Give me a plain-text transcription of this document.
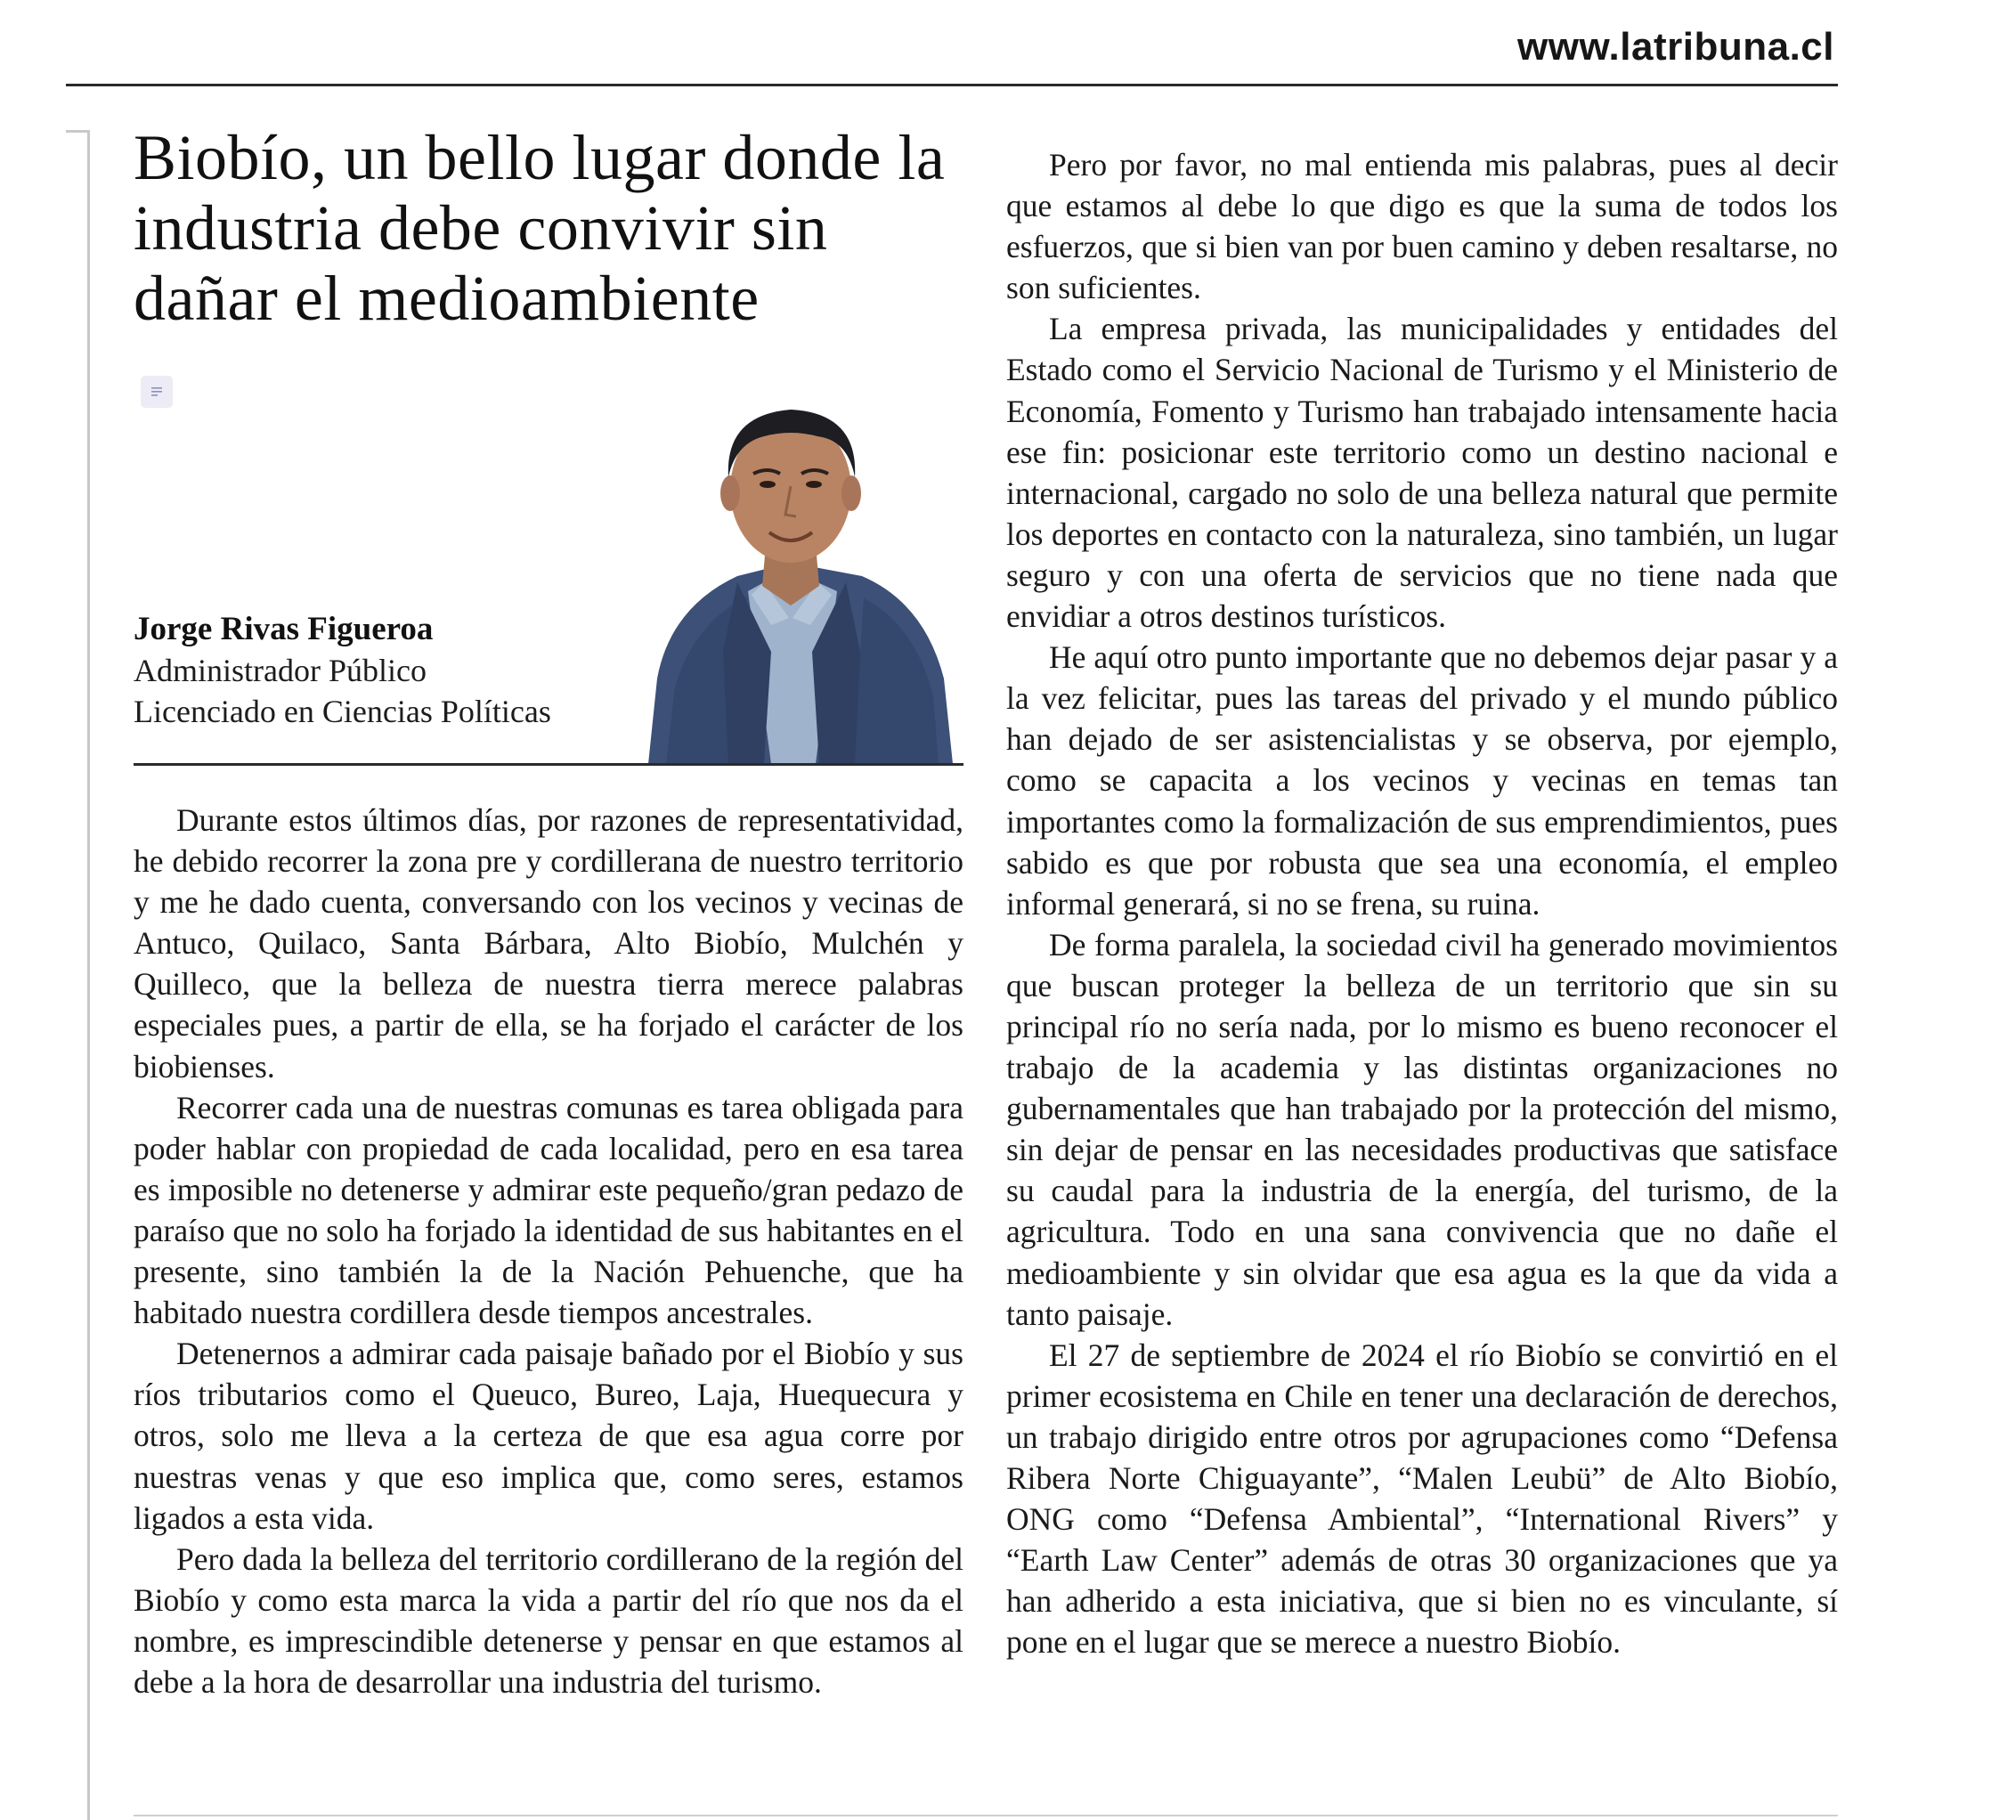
www.latribuna.cl
Biobío, un bello lugar donde la industria debe convivir sin dañar el medioambiente
Jorge Rivas Figueroa
Administrador Público
Licenciado en Ciencias Políticas

Durante estos últimos días, por razones de representatividad, he debido recorrer la zona pre y cordillerana de nuestro territorio y me he dado cuenta, conversando con los vecinos y vecinas de Antuco, Quilaco, Santa Bárbara, Alto Biobío, Mulchén y Quilleco, que la belleza de nuestra tierra merece palabras especiales pues, a partir de ella, se ha forjado el carácter de los biobienses.

Recorrer cada una de nuestras comunas es tarea obligada para poder hablar con propiedad de cada localidad, pero en esa tarea es imposible no detenerse y admirar este pequeño/gran pedazo de paraíso que no solo ha forjado la identidad de sus habitantes en el presente, sino también la de la Nación Pehuenche, que ha habitado nuestra cordillera desde tiempos ancestrales.

Detenernos a admirar cada paisaje bañado por el Biobío y sus ríos tributarios como el Queuco, Bureo, Laja, Huequecura y otros, solo me lleva a la certeza de que esa agua corre por nuestras venas y que eso implica que, como seres, estamos ligados a esta vida.

Pero dada la belleza del territorio cordillerano de la región del Biobío y como esta marca la vida a partir del río que nos da el nombre, es imprescindible detenerse y pensar en que estamos al debe a la hora de desarrollar una industria del turismo.

Pero por favor, no mal entienda mis palabras, pues al decir que estamos al debe lo que digo es que la suma de todos los esfuerzos, que si bien van por buen camino y deben resaltarse, no son suficientes.

La empresa privada, las municipalidades y entidades del Estado como el Servicio Nacional de Turismo y el Ministerio de Economía, Fomento y Turismo han trabajado intensamente hacia ese fin: posicionar este territorio como un destino nacional e internacional, cargado no solo de una belleza natural que permite los deportes en contacto con la naturaleza, sino también, un lugar seguro y con una oferta de servicios que no tiene nada que envidiar a otros destinos turísticos.

He aquí otro punto importante que no debemos dejar pasar y a la vez felicitar, pues las tareas del privado y el mundo público han dejado de ser asistencialistas y se observa, por ejemplo, como se capacita a los vecinos y vecinas en temas tan importantes como la formalización de sus emprendimientos, pues sabido es que por robusta que sea una economía, el empleo informal generará, si no se frena, su ruina.

De forma paralela, la sociedad civil ha generado movimientos que buscan proteger la belleza de un territorio que sin su principal río no sería nada, por lo mismo es bueno reconocer el trabajo de la academia y las distintas organizaciones no gubernamentales que han trabajado por la protección del mismo, sin dejar de pensar en las necesidades productivas que satisface su caudal para la industria de la energía, del turismo, de la agricultura. Todo en una sana convivencia que no dañe el medioambiente y sin olvidar que esa agua es la que da vida a tanto paisaje.

El 27 de septiembre de 2024 el río Biobío se convirtió en el primer ecosistema en Chile en tener una declaración de derechos, un trabajo dirigido entre otros por agrupaciones como “Defensa Ribera Norte Chiguayante”, “Malen Leubü” de Alto Biobío, ONG como “Defensa Ambiental”, “International Rivers” y “Earth Law Center” además de otras 30 organizaciones que ya han adherido a esta iniciativa, que si bien no es vinculante, sí pone en el lugar que se merece a nuestro Biobío.
